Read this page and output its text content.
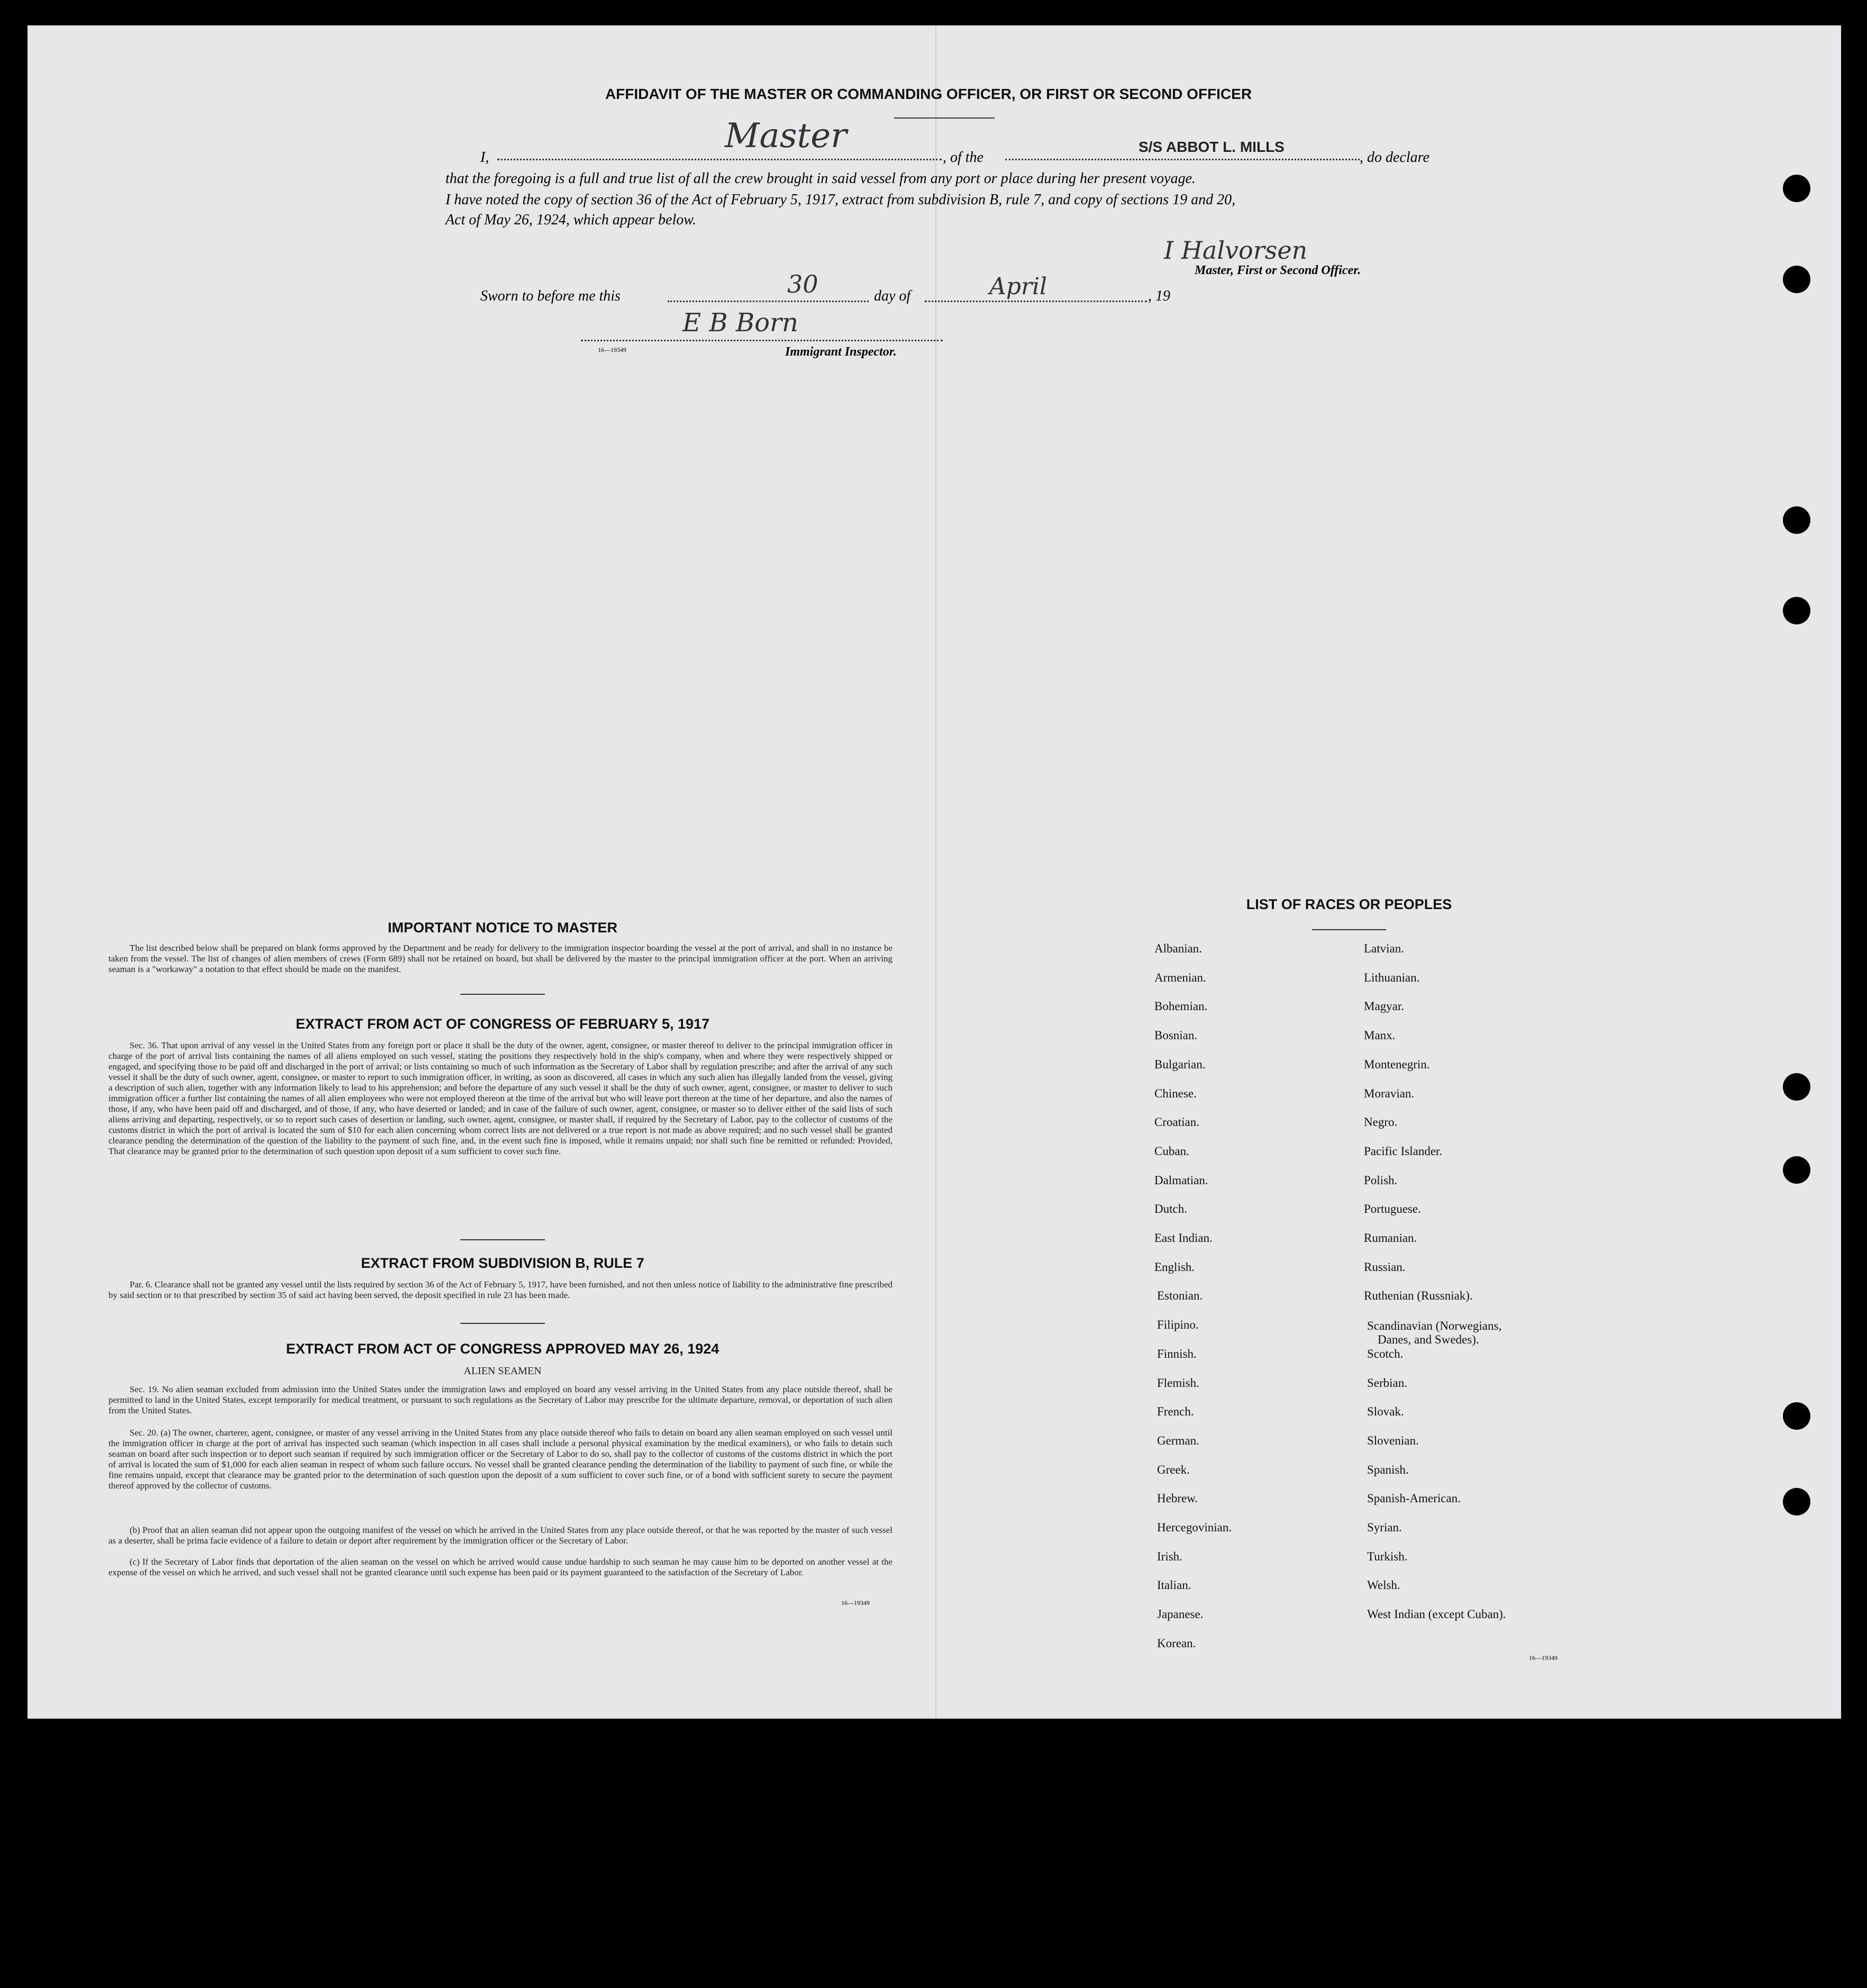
AFFIDAVIT OF THE MASTER OR COMMANDING OFFICER, OR FIRST OR SECOND OFFICER
I,
Master
, of the
S/S ABBOT L. MILLS
, do declare
that the foregoing is a full and true list of all the crew brought in said vessel from any port or place during her present voyage.
I have noted the copy of section 36 of the Act of February 5, 1917, extract from subdivision B, rule 7, and copy of sections 19 and 20,
Act of May 26, 1924, which appear below.
I Halvorsen
Master, First or Second Officer.
Sworn to before me this	30	day of	April	, 19
E B Born
16—19349	Immigrant Inspector.
IMPORTANT NOTICE TO MASTER
The list described below shall be prepared on blank forms approved by the Department and be ready for delivery to the immigration inspector boarding the vessel at the port of arrival, and shall in no instance be taken from the vessel. The list of changes of alien members of crews (Form 689) shall not be retained on board, but shall be delivered by the master to the principal immigration officer at the port. When an arriving seaman is a "workaway" a notation to that effect should be made on the manifest.
EXTRACT FROM ACT OF CONGRESS OF FEBRUARY 5, 1917
Sec. 36. That upon arrival of any vessel in the United States from any foreign port or place it shall be the duty of the owner, agent, consignee, or master thereof to deliver to the principal immigration officer in charge of the port of arrival lists containing the names of all aliens employed on such vessel, stating the positions they respectively hold in the ship's company, when and where they were respectively shipped or engaged, and specifying those to be paid off and discharged in the port of arrival; or lists containing so much of such information as the Secretary of Labor shall by regulation prescribe; and after the arrival of any such vessel it shall be the duty of such owner, agent, consignee, or master to report to such immigration officer, in writing, as soon as discovered, all cases in which any such alien has illegally landed from the vessel, giving a description of such alien, together with any information likely to lead to his apprehension; and before the departure of any such vessel it shall be the duty of such owner, agent, consignee, or master to deliver to such immigration officer a further list containing the names of all alien employees who were not employed thereon at the time of the arrival but who will leave port thereon at the time of her departure, and also the names of those, if any, who have been paid off and discharged, and of those, if any, who have deserted or landed; and in case of the failure of such owner, agent, consignee, or master so to deliver either of the said lists of such aliens arriving and departing, respectively, or so to report such cases of desertion or landing, such owner, agent, consignee, or master shall, if required by the Secretary of Labor, pay to the collector of customs of the customs district in which the port of arrival is located the sum of $10 for each alien concerning whom correct lists are not delivered or a true report is not made as above required; and no such vessel shall be granted clearance pending the determination of the question of the liability to the payment of such fine, and, in the event such fine is imposed, while it remains unpaid; nor shall such fine be remitted or refunded: Provided, That clearance may be granted prior to the determination of such question upon deposit of a sum sufficient to cover such fine.
EXTRACT FROM SUBDIVISION B, RULE 7
Par. 6. Clearance shall not be granted any vessel until the lists required by section 36 of the Act of February 5, 1917, have been furnished, and not then unless notice of liability to the administrative fine prescribed by said section or to that prescribed by section 35 of said act having been served, the deposit specified in rule 23 has been made.
EXTRACT FROM ACT OF CONGRESS APPROVED MAY 26, 1924
ALIEN SEAMEN
Sec. 19. No alien seaman excluded from admission into the United States under the immigration laws and employed on board any vessel arriving in the United States from any place outside thereof, shall be permitted to land in the United States, except temporarily for medical treatment, or pursuant to such regulations as the Secretary of Labor may prescribe for the ultimate departure, removal, or deportation of such alien from the United States.
Sec. 20. (a) The owner, charterer, agent, consignee, or master of any vessel arriving in the United States from any place outside thereof who fails to detain on board any alien seaman employed on such vessel until the immigration officer in charge at the port of arrival has inspected such seaman (which inspection in all cases shall include a personal physical examination by the medical examiners), or who fails to detain such seaman on board after such inspection or to deport such seaman if required by such immigration officer or the Secretary of Labor to do so, shall pay to the collector of customs of the customs district in which the port of arrival is located the sum of $1,000 for each alien seaman in respect of whom such failure occurs. No vessel shall be granted clearance pending the determination of the liability to payment of such fine, or while the fine remains unpaid, except that clearance may be granted prior to the determination of such question upon the deposit of a sum sufficient to cover such fine, or of a bond with sufficient surety to secure the payment thereof approved by the collector of customs.
(b) Proof that an alien seaman did not appear upon the outgoing manifest of the vessel on which he arrived in the United States from any place outside thereof, or that he was reported by the master of such vessel as a deserter, shall be prima facie evidence of a failure to detain or deport after requirement by the immigration officer or the Secretary of Labor.
(c) If the Secretary of Labor finds that deportation of the alien seaman on the vessel on which he arrived would cause undue hardship to such seaman he may cause him to be deported on another vessel at the expense of the vessel on which he arrived, and such vessel shall not be granted clearance until such expense has been paid or its payment guaranteed to the satisfaction of the Secretary of Labor.
16—19349
LIST OF RACES OR PEOPLES
Albanian.
Armenian.
Bohemian.
Bosnian.
Bulgarian.
Chinese.
Croatian.
Cuban.
Dalmatian.
Dutch.
East Indian.
English.
Estonian.
Filipino.
Finnish.
Flemish.
French.
German.
Greek.
Hebrew.
Hercegovinian.
Irish.
Italian.
Japanese.
Korean.
Latvian.
Lithuanian.
Magyar.
Manx.
Montenegrin.
Moravian.
Negro.
Pacific Islander.
Polish.
Portuguese.
Rumanian.
Russian.
Ruthenian (Russniak).
Scandinavian (Norwegians,
Danes, and Swedes).
Scotch.
Serbian.
Slovak.
Slovenian.
Spanish.
Spanish-American.
Syrian.
Turkish.
Welsh.
West Indian (except Cuban).
16—19349
